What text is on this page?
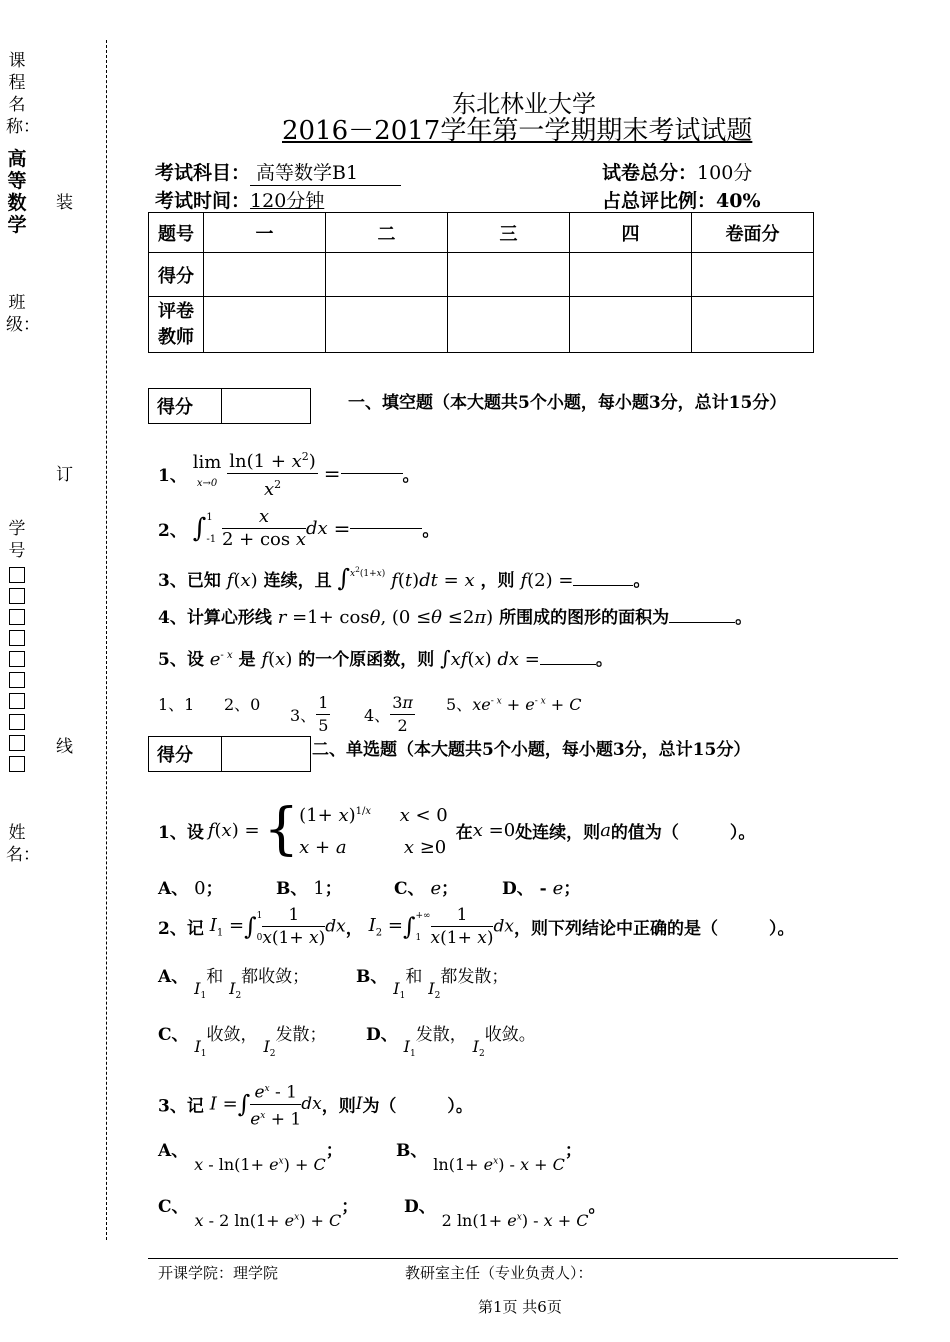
课程名称：
高等数学
班级：
学号
姓名：
装
订
线
东北林业大学
2016－2017学年第一学期期末考试试题
考试科目： 高等数学B1	试卷总分：100分
考试时间：120分钟	占总评比例：40%
题号	一	二	三	四	卷面分
得分					
评卷教师					
得分	一、填空题（本大题共5个小题，每小题3分，总计15分）
1、 lim
$x\to 0 \frac{\ln(1 + x^2)}{x^2}$ =	。
2、 ∫1
$-1 \frac{x}{\text{2 + cos x}}$ dx =	。
3、已知 f(x) 连续，且 ∫$^{x^2(1+x)}$ f(t)dt = x ，则 f(2) =	。
4、计算心形线 r =1+ cosθ, (0 ≤θ ≤2π) 所围成的图形的面积为	。
5、设 $e^{- x}$ 是 f(x) 的一个原函数，则 ∫xf(x) dx =	。
1、1 2、0
3、 $\frac{1}{5} 4$、 $\frac{3\pi}{2} 5$、$xe^{- x} + e^{- x} + C$
得分	二、单选题（本大题共5个小题，每小题3分，总计15分）
1、设 f(x) = { $(1+ x)^{1/x}$ x < 0
x + a	x ≥0
在 x =0 处连续，则 a 的值为（　　　）。
A、 0；	B、 1；	C、 e；	D、 - e；
2、记 $I_1 =\int 1$
$0 \frac{1}{x(1+ x)}$ dx， $I_2$ =∫+∞
$1 \frac{1}{x(1+ x)}$ dx，则下列结论中正确的是（　　　）。
A、 $I_1$和 $I_2$都收敛；	B、 $I_1$和 $I_2$都发散；
C、 $I_1$收敛， $I_2$发散； D、 $I_1$发散， $I_2$收敛。
3、记 I =∫ $\frac{e^x - 1}{e^x + 1}$ dx，则I为（　　　）。
A、 $x - \ln(1+ e^x) + C$；	B、 $\ln(1+ e^x) - x + C$；
C、 x - 2 $\ln(1+ e^x) + C$；	D、 2 $\ln(1+ e^x) - x + C$。
开课学院：理学院	教研室主任（专业负责人）：
第1页 共6页
